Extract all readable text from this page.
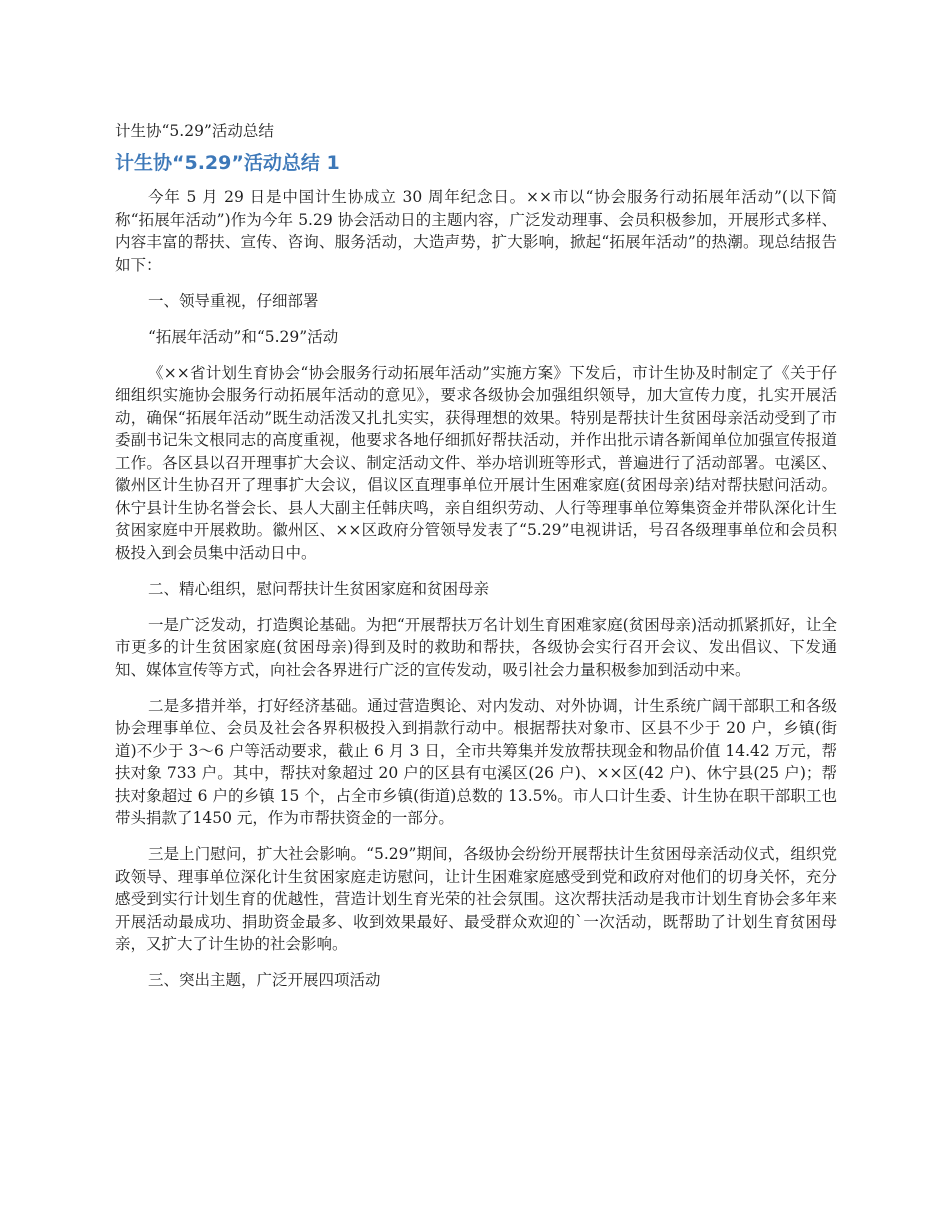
计生协“5.29”活动总结
计生协“5.29”活动总结 1

今年 5 月 29 日是中国计生协成立 30 周年纪念日。××市以“协会服务行动拓展年活动”(以下简称“拓展年活动”)作为今年 5.29 协会活动日的主题内容，广泛发动理事、会员积极参加，开展形式多样、内容丰富的帮扶、宣传、咨询、服务活动，大造声势，扩大影响，掀起“拓展年活动”的热潮。现总结报告如下：

一、领导重视，仔细部署

“拓展年活动”和“5.29”活动

《××省计划生育协会“协会服务行动拓展年活动”实施方案》下发后，市计生协及时制定了《关于仔细组织实施协会服务行动拓展年活动的意见》，要求各级协会加强组织领导，加大宣传力度，扎实开展活动，确保“拓展年活动”既生动活泼又扎扎实实，获得理想的效果。特别是帮扶计生贫困母亲活动受到了市委副书记朱文根同志的高度重视，他要求各地仔细抓好帮扶活动，并作出批示请各新闻单位加强宣传报道工作。各区县以召开理事扩大会议、制定活动文件、举办培训班等形式，普遍进行了活动部署。屯溪区、徽州区计生协召开了理事扩大会议，倡议区直理事单位开展计生困难家庭(贫困母亲)结对帮扶慰问活动。休宁县计生协名誉会长、县人大副主任韩庆鸣，亲自组织劳动、人行等理事单位筹集资金并带队深化计生贫困家庭中开展救助。徽州区、××区政府分管领导发表了“5.29”电视讲话，号召各级理事单位和会员积极投入到会员集中活动日中。

二、精心组织，慰问帮扶计生贫困家庭和贫困母亲

一是广泛发动，打造舆论基础。为把“开展帮扶万名计划生育困难家庭(贫困母亲)活动抓紧抓好，让全市更多的计生贫困家庭(贫困母亲)得到及时的救助和帮扶，各级协会实行召开会议、发出倡议、下发通知、媒体宣传等方式，向社会各界进行广泛的宣传发动，吸引社会力量积极参加到活动中来。

二是多措并举，打好经济基础。通过营造舆论、对内发动、对外协调，计生系统广阔干部职工和各级协会理事单位、会员及社会各界积极投入到捐款行动中。根据帮扶对象市、区县不少于 20 户，乡镇(街道)不少于 3～6 户等活动要求，截止 6 月 3 日，全市共筹集并发放帮扶现金和物品价值 14.42 万元，帮扶对象 733 户。其中，帮扶对象超过 20 户的区县有屯溪区(26 户)、××区(42 户)、休宁县(25 户)；帮扶对象超过 6 户的乡镇 15 个，占全市乡镇(街道)总数的 13.5%。市人口计生委、计生协在职干部职工也带头捐款了1450 元，作为市帮扶资金的一部分。

三是上门慰问，扩大社会影响。“5.29”期间，各级协会纷纷开展帮扶计生贫困母亲活动仪式，组织党政领导、理事单位深化计生贫困家庭走访慰问，让计生困难家庭感受到党和政府对他们的切身关怀，充分感受到实行计划生育的优越性，营造计划生育光荣的社会氛围。这次帮扶活动是我市计划生育协会多年来开展活动最成功、捐助资金最多、收到效果最好、最受群众欢迎的`一次活动，既帮助了计划生育贫困母亲，又扩大了计生协的社会影响。

三、突出主题，广泛开展四项活动
